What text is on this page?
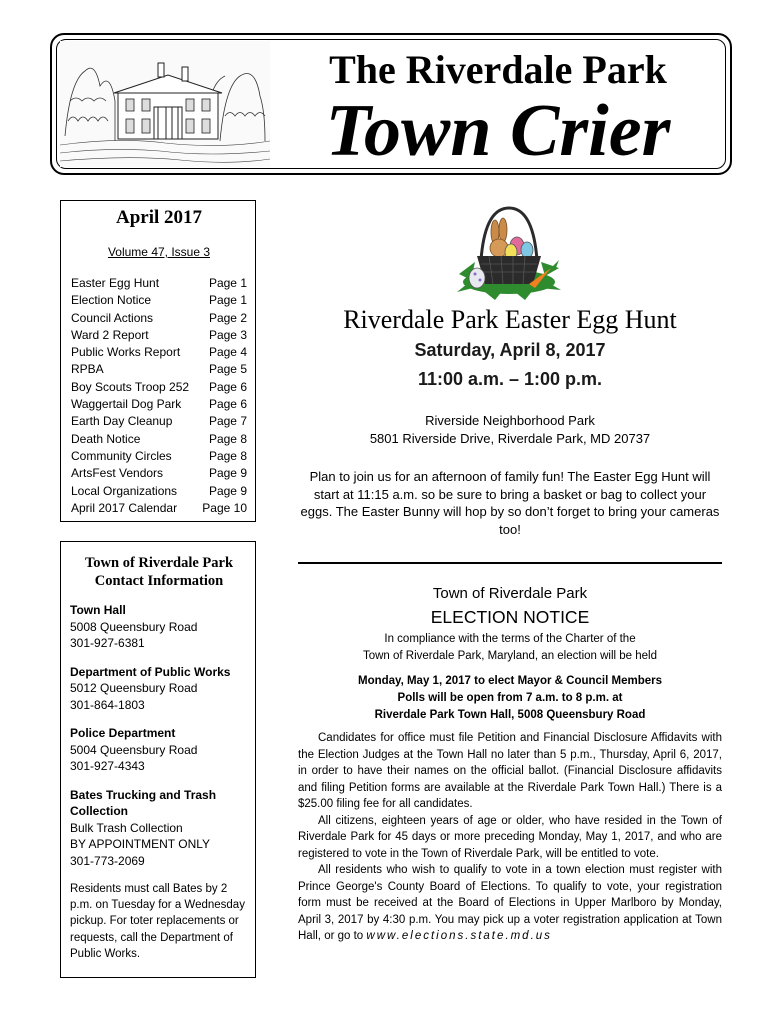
The Riverdale Park
Town Crier
April 2017
Volume 47, Issue 3
Easter Egg Hunt	Page 1
Election Notice	Page 1
Council Actions	Page 2
Ward 2 Report	Page 3
Public Works Report Page 4
RPBA	Page 5
Boy Scouts Troop 252 Page 6
Waggertail Dog Park Page 6
Earth Day Cleanup	Page 7
Death Notice	Page 8
Community Circles	Page 8
ArtsFest Vendors	Page 9
Local Organizations	Page 9
April 2017 Calendar Page 10
Town of Riverdale Park
Contact Information
Town Hall
5008 Queensbury Road
301-927-6381
Department of Public Works
5012 Queensbury Road
301-864-1803
Police Department
5004 Queensbury Road
301-927-4343
Bates Trucking and Trash
Collection
Bulk Trash Collection
BY APPOINTMENT ONLY
301-773-2069
Residents must call Bates by 2 p.m. on Tuesday for a Wednesday pickup. For toter replacements or requests, call the Department of Public Works.
Riverdale Park Easter Egg Hunt
Saturday, April 8, 2017
11:00 a.m. – 1:00 p.m.
Riverside Neighborhood Park
5801 Riverside Drive, Riverdale Park, MD 20737
Plan to join us for an afternoon of family fun! The Easter Egg Hunt will start at 11:15 a.m. so be sure to bring a basket or bag to collect your eggs. The Easter Bunny will hop by so don’t forget to bring your cameras too!
Town of Riverdale Park
ELECTION NOTICE
In compliance with the terms of the Charter of the
Town of Riverdale Park, Maryland, an election will be held
Monday, May 1, 2017 to elect Mayor & Council Members
Polls will be open from 7 a.m. to 8 p.m. at
Riverdale Park Town Hall, 5008 Queensbury Road

Candidates for office must file Petition and Financial Disclosure Affidavits with the Election Judges at the Town Hall no later than 5 p.m., Thursday, April 6, 2017, in order to have their names on the official ballot. (Financial Disclosure affidavits and filing Petition forms are available at the Riverdale Park Town Hall.) There is a $25.00 filing fee for all candidates.

All citizens, eighteen years of age or older, who have resided in the Town of Riverdale Park for 45 days or more preceding Monday, May 1, 2017, and who are registered to vote in the Town of Riverdale Park, will be entitled to vote.

All residents who wish to qualify to vote in a town election must register with Prince George's County Board of Elections. To qualify to vote, your registration form must be received at the Board of Elections in Upper Marlboro by Monday, April 3, 2017 by 4:30 p.m. You may pick up a voter registration application at Town Hall, or go to www.elections.state.md.us
